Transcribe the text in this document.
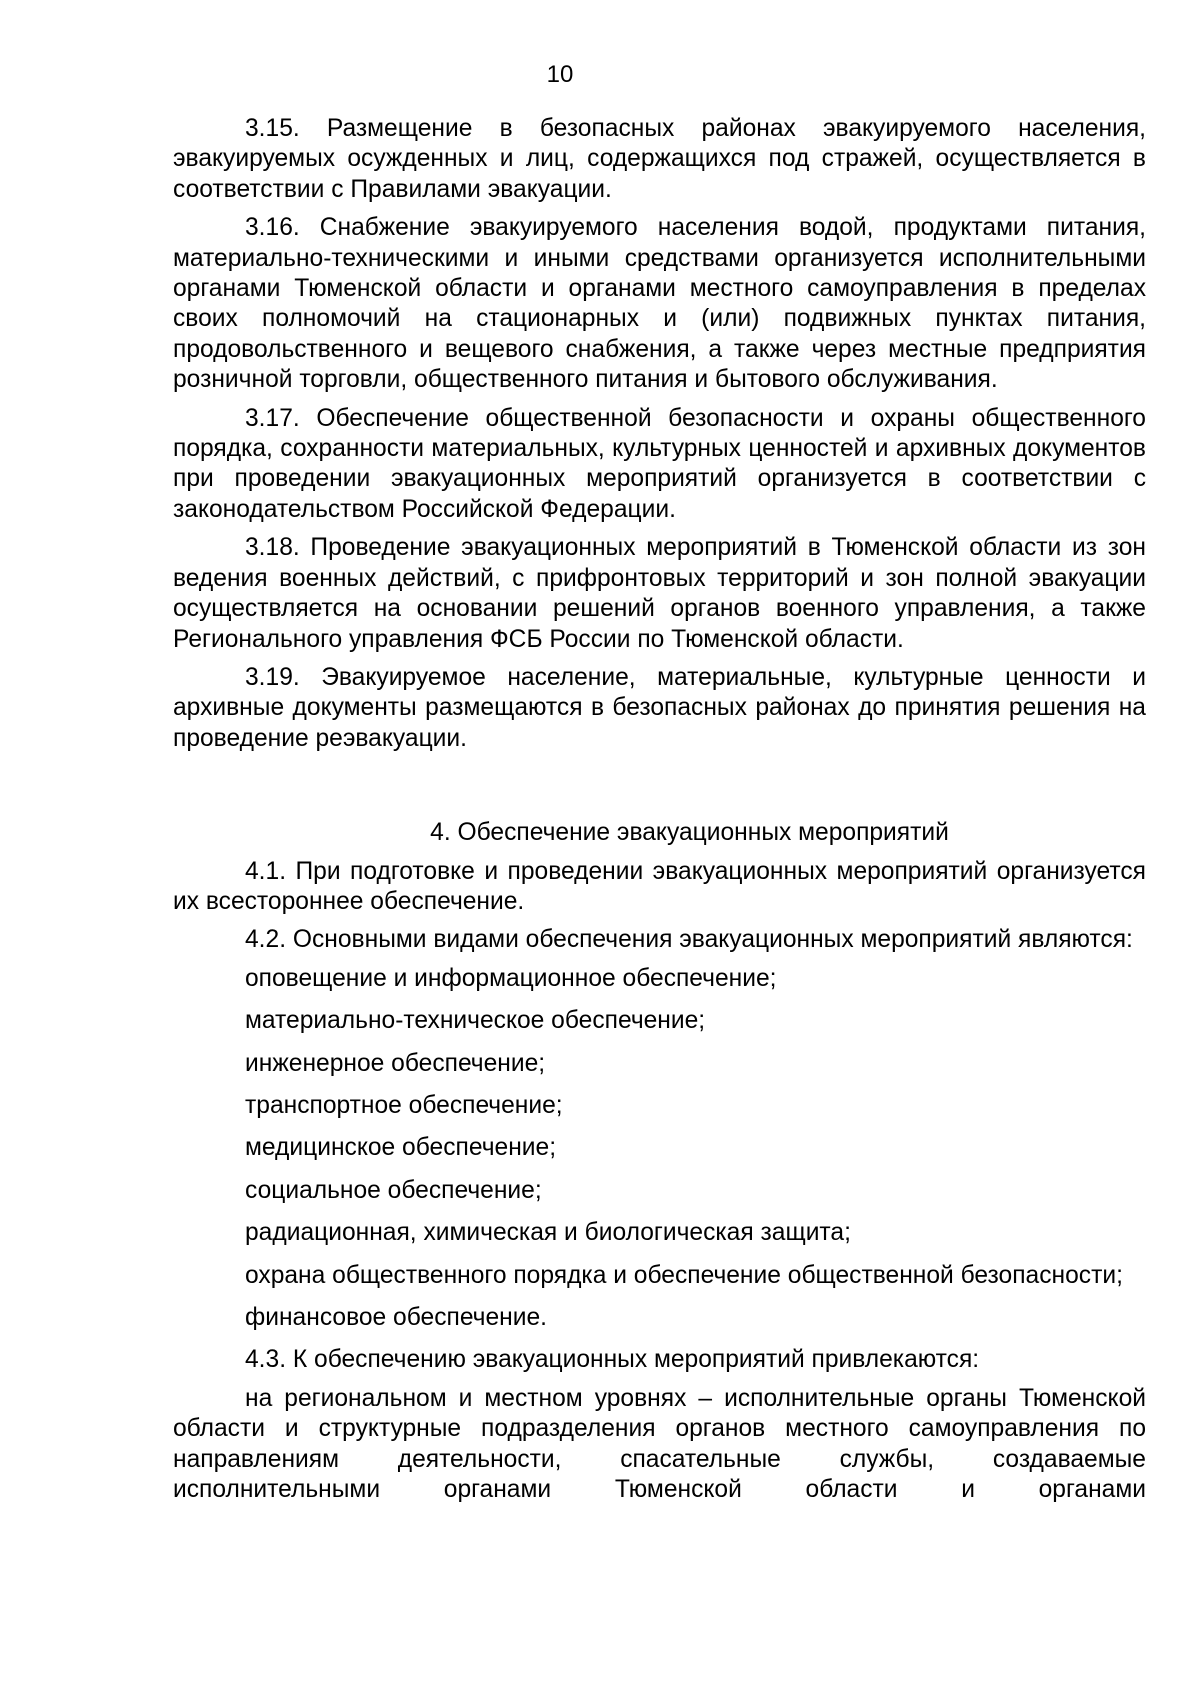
10

3.15. Размещение в безопасных районах эвакуируемого населения, эвакуируемых осужденных и лиц, содержащихся под стражей, осуществляется в соответствии с Правилами эвакуации.

3.16. Снабжение эвакуируемого населения водой, продуктами питания, материально-техническими и иными средствами организуется исполнительными органами Тюменской области и органами местного самоуправления в пределах своих полномочий на стационарных и (или) подвижных пунктах питания, продовольственного и вещевого снабжения, а также через местные предприятия розничной торговли, общественного питания и бытового обслуживания.

3.17. Обеспечение общественной безопасности и охраны общественного порядка, сохранности материальных, культурных ценностей и архивных документов при проведении эвакуационных мероприятий организуется в соответствии с законодательством Российской Федерации.

3.18. Проведение эвакуационных мероприятий в Тюменской области из зон ведения военных действий, с прифронтовых территорий и зон полной эвакуации осуществляется на основании решений органов военного управления, а также Регионального управления ФСБ России по Тюменской области.

3.19. Эвакуируемое население, материальные, культурные ценности и архивные документы размещаются в безопасных районах до принятия решения на проведение реэвакуации.

4. Обеспечение эвакуационных мероприятий

4.1. При подготовке и проведении эвакуационных мероприятий организуется их всестороннее обеспечение.

4.2. Основными видами обеспечения эвакуационных мероприятий являются:

оповещение и информационное обеспечение;

материально-техническое обеспечение;

инженерное обеспечение;

транспортное обеспечение;

медицинское обеспечение;

социальное обеспечение;

радиационная, химическая и биологическая защита;

охрана общественного порядка и обеспечение общественной безопасности;

финансовое обеспечение.

4.3. К обеспечению эвакуационных мероприятий привлекаются:

на региональном и местном уровнях – исполнительные органы Тюменской области и структурные подразделения органов местного самоуправления по направлениям деятельности, спасательные службы, создаваемые исполнительными органами Тюменской области и органами
